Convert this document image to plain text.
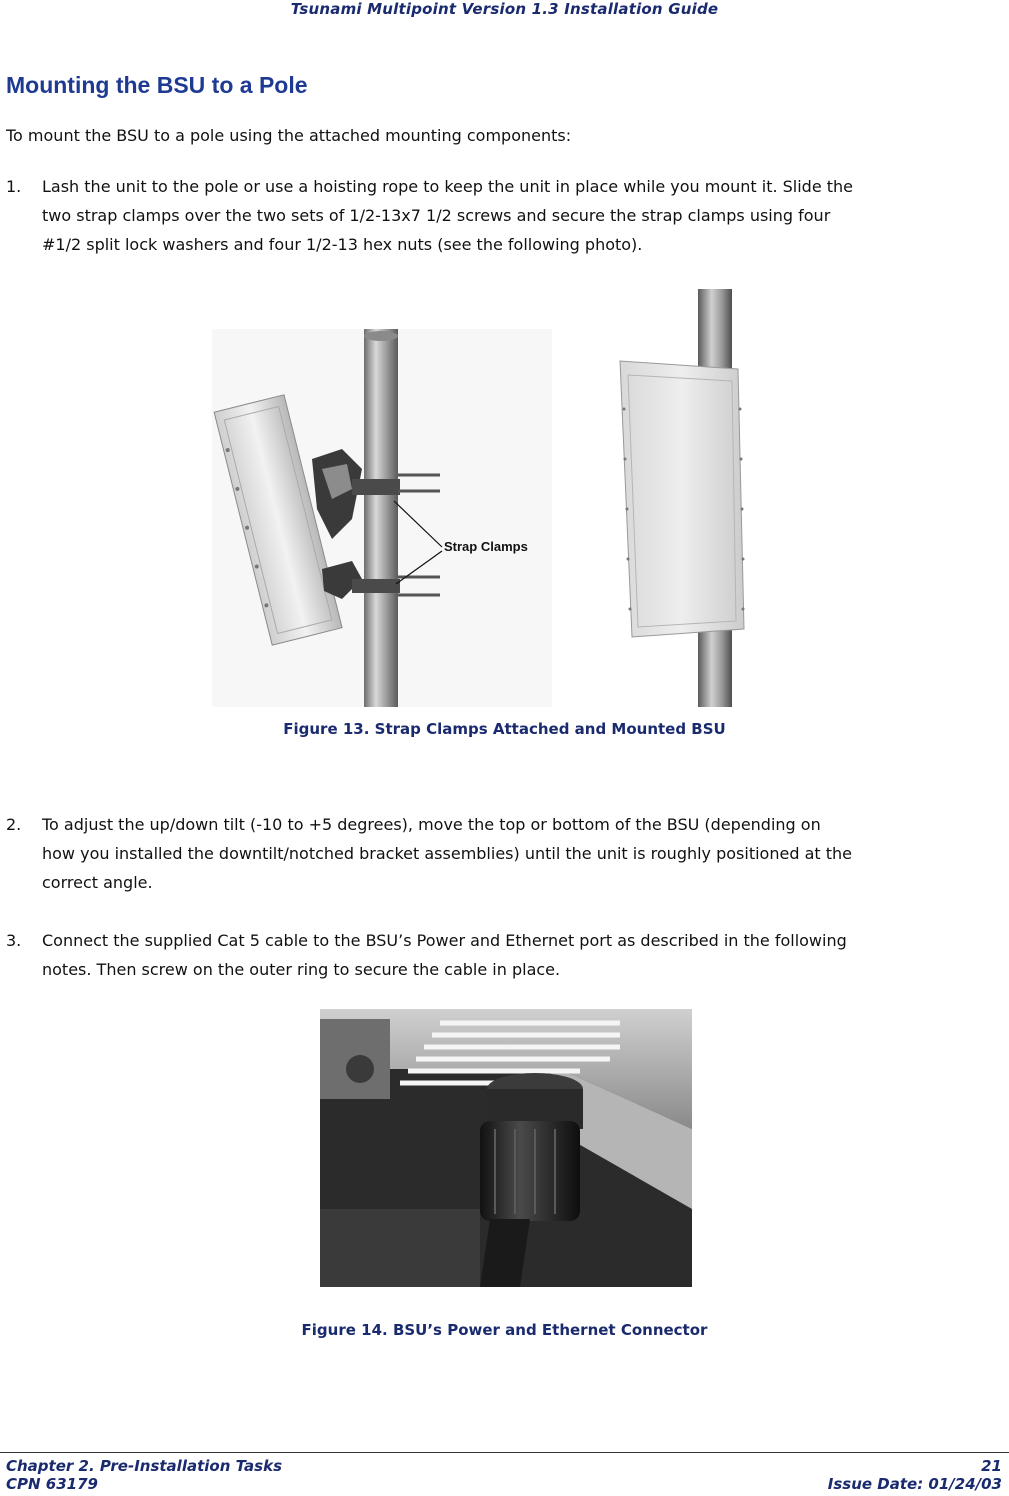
Tsunami Multipoint Version 1.3 Installation Guide
Mounting the BSU to a Pole

To mount the BSU to a pole using the attached mounting components:

1. Lash the unit to the pole or use a hoisting rope to keep the unit in place while you mount it. Slide the
two strap clamps over the two sets of 1/2-13x7 1/2 screws and secure the strap clamps using four
#1/2 split lock washers and four 1/2-13 hex nuts (see the following photo).
Strap Clamps
Figure 13. Strap Clamps Attached and Mounted BSU
2. To adjust the up/down tilt (-10 to +5 degrees), move the top or bottom of the BSU (depending on
how you installed the downtilt/notched bracket assemblies) until the unit is roughly positioned at the
correct angle.
3. Connect the supplied Cat 5 cable to the BSU’s Power and Ethernet port as described in the following
notes. Then screw on the outer ring to secure the cable in place.
Figure 14. BSU’s Power and Ethernet Connector
Chapter 2. Pre-Installation Tasks	21
CPN 63179	Issue Date: 01/24/03
